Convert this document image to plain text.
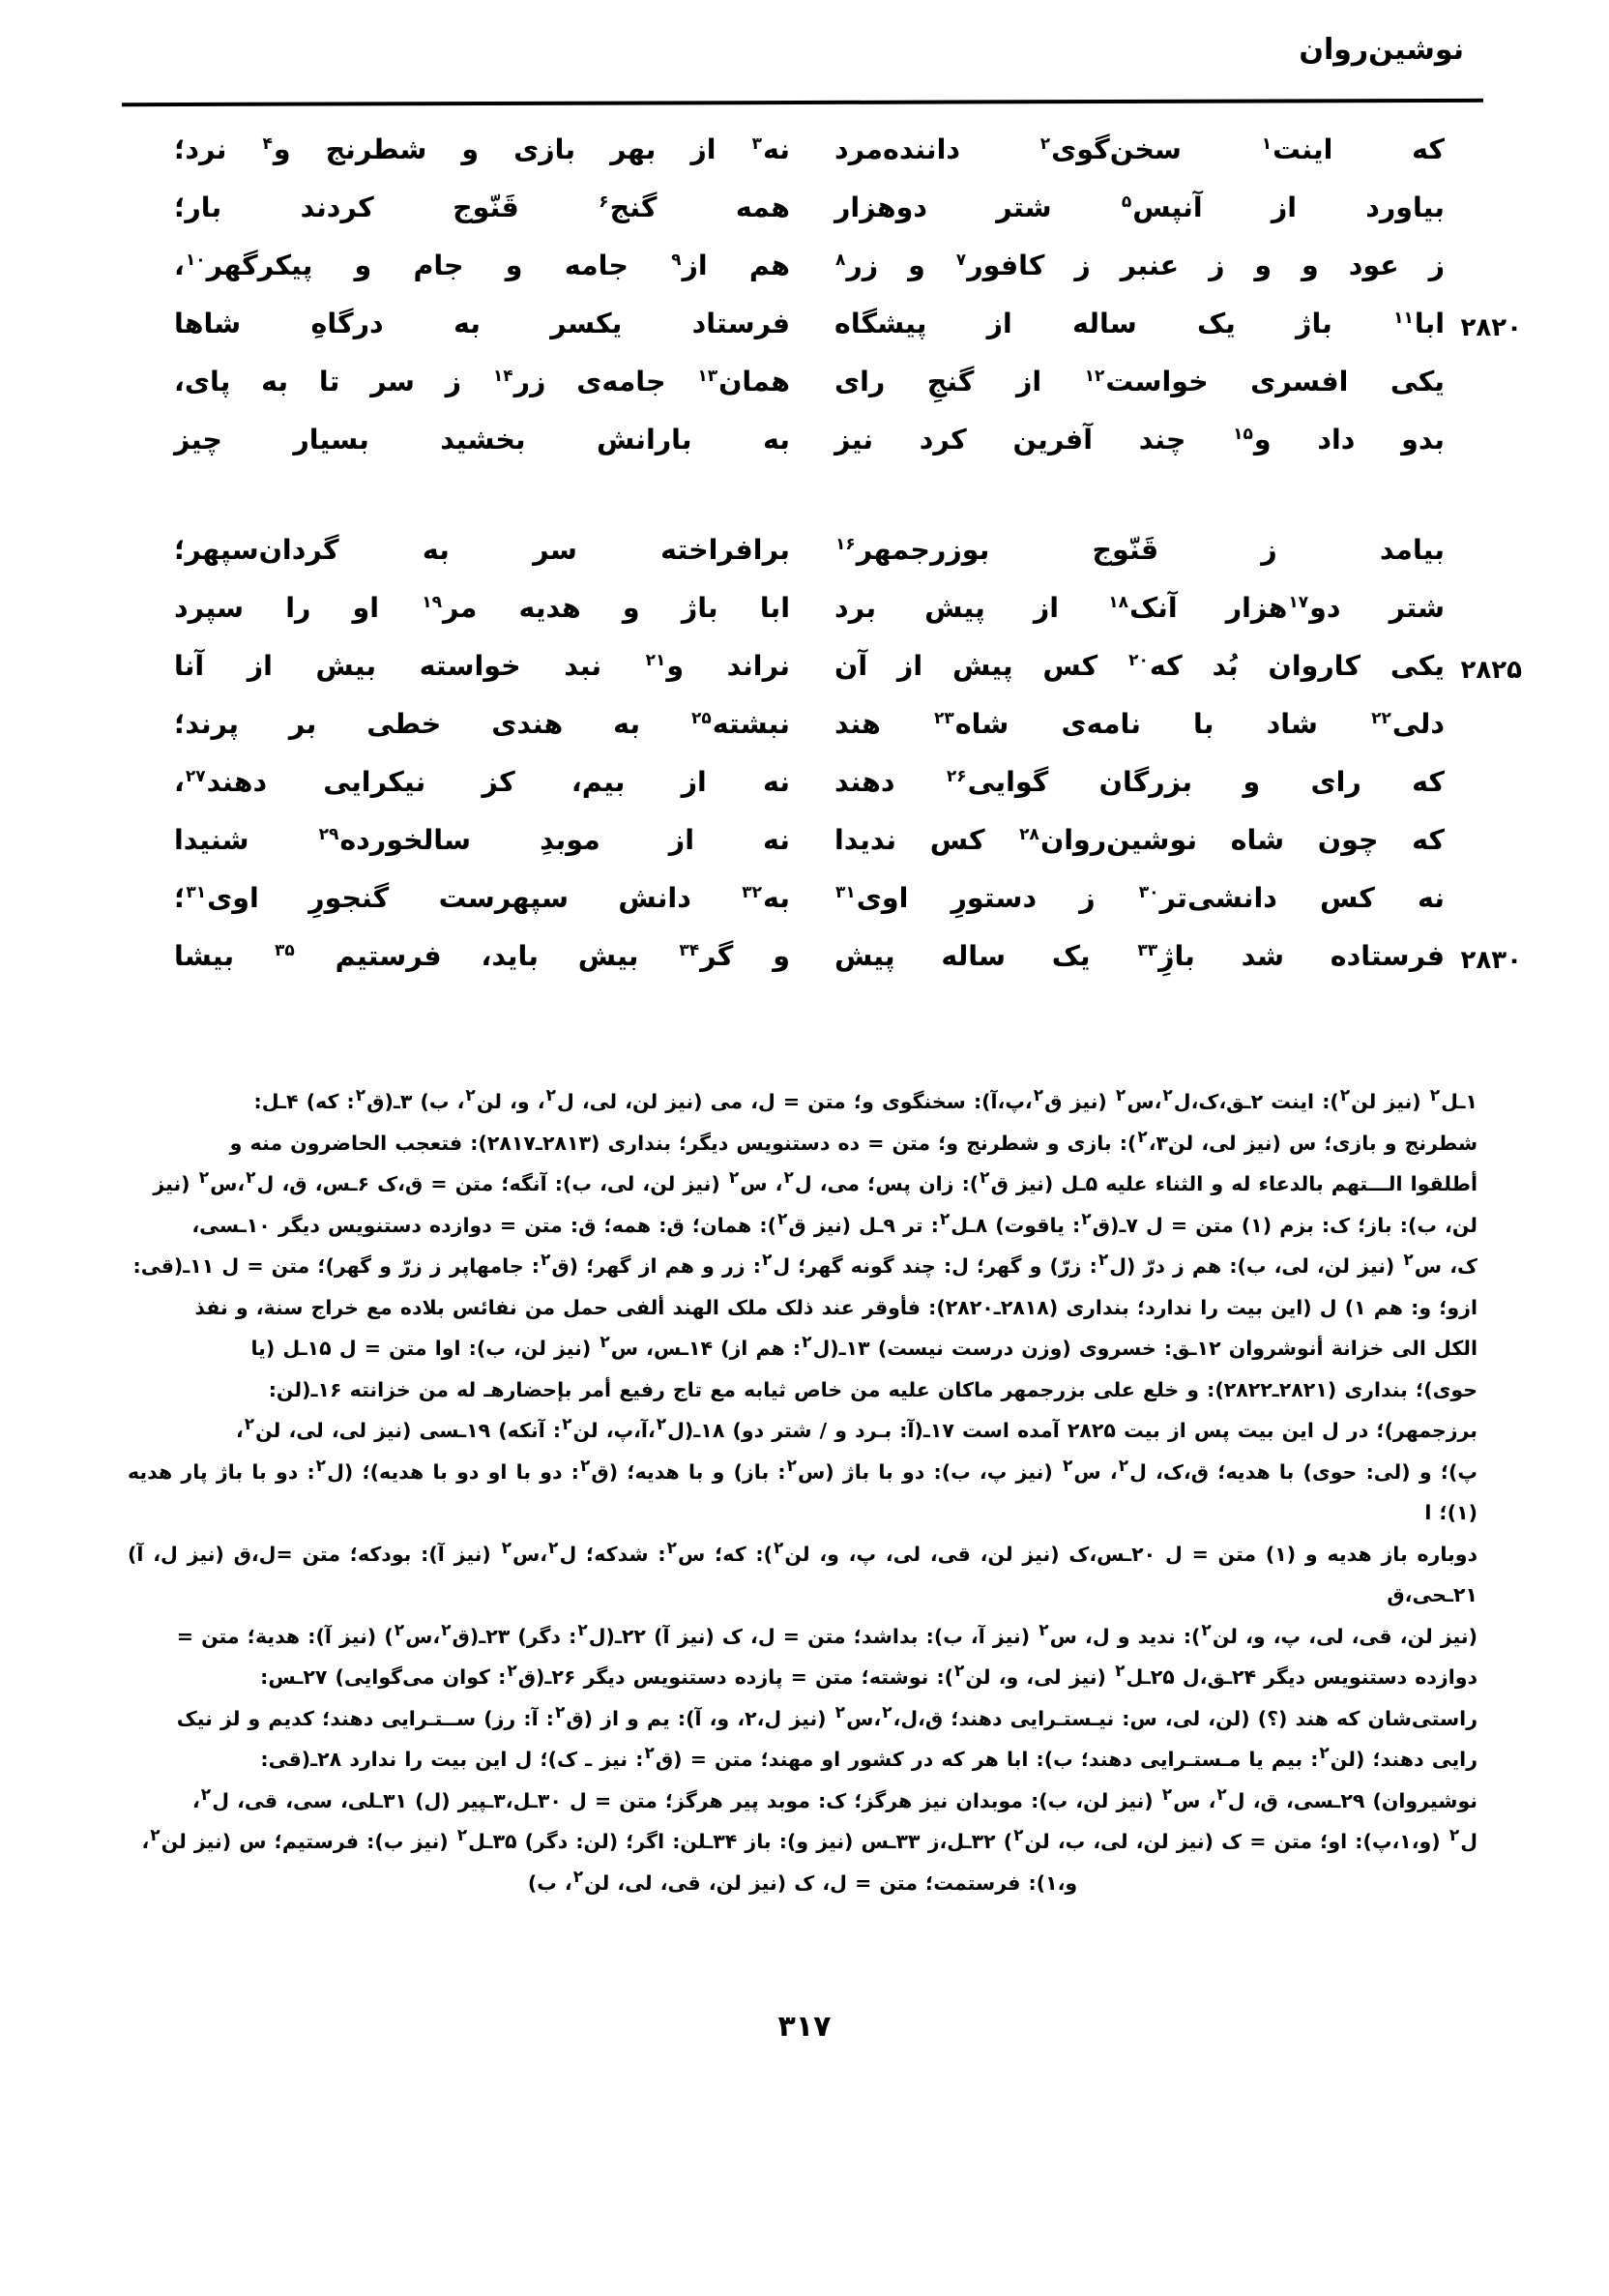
نوشین‌روان
که اینت$^۱$ سخن‌گوی$^۲$ داننده‌مرد
نه$^۳$ از بهر بازی و شطرنج و$^۴$ نرد؛
بیاورد از آنپس$^۵$ شتر دوهزار
همه گنج$^۶$ قَنّوج کردند بار؛
ز عود و و ز عنبر ز کافور$^۷$ و زر$^۸$
هم از$^۹$ جامه و جام و پیکرگهر$^{۱۰}$،
۲۸۲۰
ابا$^{۱۱}$ باژ یک ساله از پیشگاه
فرستاد یکسر به درگاهِ شاها
یکی افسری خواست$^{۱۲}$ از گنجِ رای
همان$^{۱۳}$ جامه‌ی زر$^{۱۴}$ ز سر تا به پای،
بدو داد و$^{۱۵}$ چند آفرین کرد نیز
به بارانش بخشید بسیار چیز
بیامد ز قَنّوج بوزرجمهر$^{۱۶}$
برافراخته سر به گردان‌سپهر؛
شتر دو$^{۱۷}$هزار آنک$^{۱۸}$ از پیش برد
ابا باژ و هدیه مر$^{۱۹}$ او را سپرد
۲۸۲۵
یکی کاروان بُد که$^{۲۰}$ کس پیش از آن
نراند و$^{۲۱}$ نبد خواسته بیش از آنا
دلی$^{۲۲}$ شاد با نامه‌ی شاه$^{۲۳}$ هند
نبشته$^{۲۵}$ به هندی خطی بر پرند؛
که رای و بزرگان گوایی$^{۲۶}$ دهند
نه از بیم، کز نیکرایی دهند$^{۲۷}$،
که چون شاه نوشین‌روان$^{۲۸}$ کس ندیدا
نه از موبدِ سالخورده$^{۲۹}$ شنیدا
نه کس دانشی‌تر$^{۳۰}$ ز دستورِ اوی$^{۳۱}$
به$^{۳۲}$ دانش سپهرست گنجورِ اوی$^{۳۱}$؛
۲۸۳۰
فرستاده شد باژِ$^{۳۳}$ یک ساله پیش
و گر$^{۳۴}$ بیش باید، فرستیم $^{۳۵}$ بیشا

۱ـل$^۲$ (نیز لن$^۲$): اینت ۲ـق،ک،ل$^۲$،س$^۲$ (نیز ق$^۲$،پ،آ): سخنگوی و؛ متن = ل، می (نیز لن، لی، ل$^۲$، و، لن$^۲$، ب) ۳ـ(ق$^۲$: که) ۴ـل:

شطرنج و بازی؛ س (نیز لی، لن$^۲$،۳): بازی و شطرنج و؛ متن = ده دستنویس دیگر؛ بنداری (۲۸۱۳ـ۲۸۱۷): فتعجب الحاضرون منه و

أطلقوا الـــتهم بالدعاء له و الثناء علیه ۵ـل (نیز ق$^۲$): زان پس؛ می، ل$^۲$، س$^۲$ (نیز لن، لی، ب): آنگه؛ متن = ق،ک ۶ـس، ق، ل$^۲$،س$^۲$ (نیز

لن، ب): باز؛ ک: بزم (۱) متن = ل ۷ـ(ق$^۲$: یاقوت) ۸ـل$^۲$: تر ۹ـل (نیز ق$^۲$): همان؛ ق: همه؛ ق: متن = دوازده دستنویس دیگر ۱۰ـسی،

ک، س$^۲$ (نیز لن، لی، ب): هم ز درّ (ل$^۲$: زرّ) و گهر؛ ل: چند گونه گهر؛ ل$^۲$: زر و هم از گهر؛ (ق$^۲$: جامهاپر ز زرّ و گهر)؛ متن = ل ۱۱ـ(قی:

ازو؛ و: هم ۱) ل (این بیت را ندارد؛ بنداری (۲۸۱۸ـ۲۸۲۰): فأوقر عند ذلک ملک الهند ألفی حمل من نفائس بلاده مع خراج سنة، و نفذ

الکل الی خزانة أنوشروان ۱۲ـق: خسروی (وزن درست نیست) ۱۳ـ(ل$^۲$: هم از) ۱۴ـس، س$^۲$ (نیز لن، ب): اوا متن = ل ۱۵ـل (یا

حوی)؛ بنداری (۲۸۲۱ـ۲۸۲۲): و خلع علی بزرجمهر ماکان علیه من خاص ثیابه مع تاج رفیع أمر بإحضارهـ له من خزانته ۱۶ـ(لن:

برزجمهر)؛ در ل این بیت پس از بیت ۲۸۲۵ آمده است ۱۷ـ(آ: بـرد و / شتر دو) ۱۸ـ(ل$^۲$،آ،پ، لن$^۲$: آنکه) ۱۹ـسی (نیز لی، لی، لن$^۲$،

پ)؛ و (لی: حوی) با هدیه؛ ق،ک، ل$^۲$، س$^۲$ (نیز پ، ب): دو با باژ (س$^۲$: باز) و با هدیه؛ (ق$^۲$: دو با او دو با هدیه)؛ (ل$^۲$: دو با باژ پار هدیه (۱)؛ ا

دوباره باز هدیه و (۱) متن = ل ۲۰ـس،ک (نیز لن، قی، لی، پ، و، لن$^۲$): که؛ س$^۲$: شدکه؛ ل$^۲$،س$^۲$ (نیز آ): بودکه؛ متن =ل،ق (نیز ل، آ) ۲۱ـحی،ق

(نیز لن، قی، لی، پ، و، لن$^۲$): ندید و ل، س$^۲$ (نیز آ، ب): بداشد؛ متن = ل، ک (نیز آ) ۲۲ـ(ل$^۲$: دگر) ۲۳ـ(ق$^۲$،س$^۲$) (نیز آ): هدیة؛ متن =

دوازده دستنویس دیگر ۲۴ـق،ل ۲۵ـل$^۲$ (نیز لی، و، لن$^۲$): نوشته؛ متن = پازده دستنویس دیگر ۲۶ـ(ق$^۲$: کوان می‌گوایی) ۲۷ـس:

راستی‌شان که هند (؟) (لن، لی، س: نیـستـرایی دهند؛ ق،ل،$^۲$،س$^۲$ (نیز ل،۲، و، آ): یم و از (ق$^۲$: آ: رز) ســتـرایی دهند؛ کدیم و لز نیک

رایی دهند؛ (لن$^۲$: بیم یا مـستـرایی دهند؛ ب): ابا هر که در کشور او مهند؛ متن = (ق$^۲$: نیز ـ ک)؛ ل این بیت را ندارد ۲۸ـ(قی:

نوشیروان) ۲۹ـسی، ق، ل$^۲$، س$^۲$ (نیز لن، ب): موبدان نیز هرگز؛ ک: موبد پیر هرگز؛ متن = ل ۳۰ـل،۳ـپیر (ل) ۳۱ـلی، سی، قی، ل$^۲$،

ل$^۲$ (و،۱،پ): او؛ متن = ک (نیز لن، لی، ب، لن$^۲$) ۳۲ـل،ز ۳۳ـس (نیز و): باز ۳۴ـلن: اگر؛ (لن: دگر) ۳۵ـل$^۲$ (نیز ب): فرستیم؛ س (نیز لن$^۲$،

و،۱): فرستمت؛ متن = ل، ک (نیز لن، قی، لی، لن$^۲$، ب)

۳۱۷
